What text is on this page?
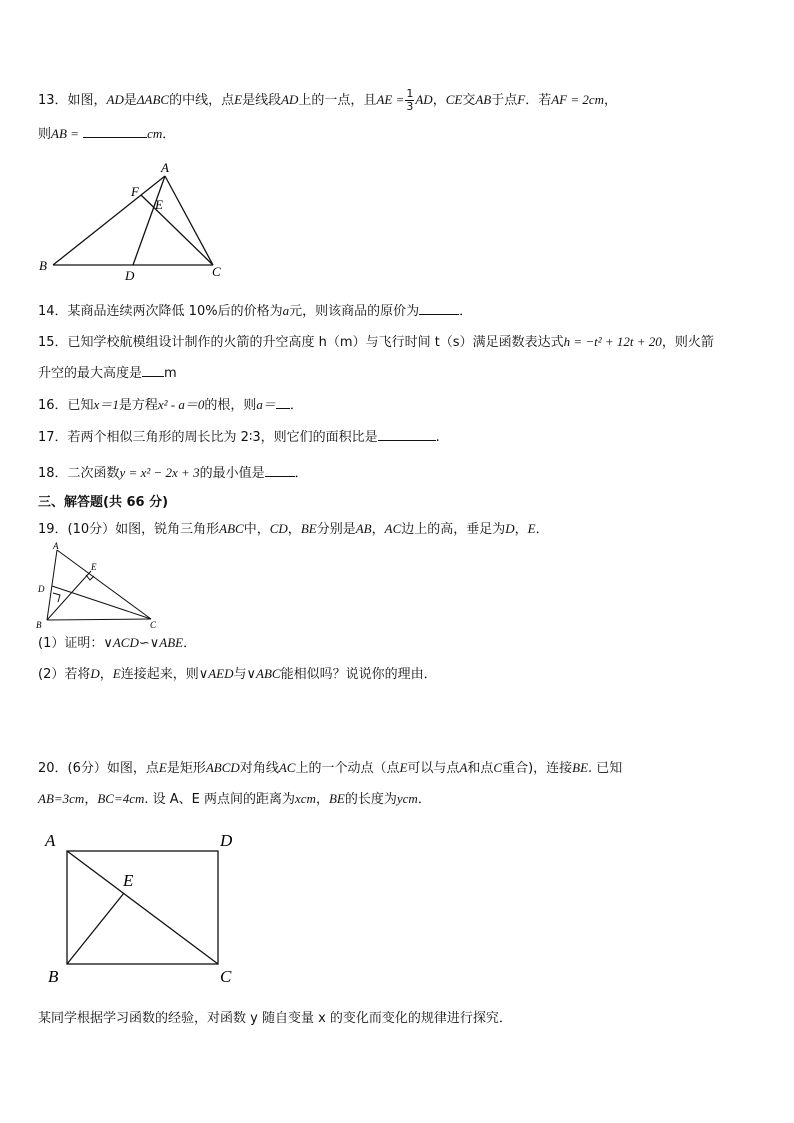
13．如图，AD是ΔABC的中线，点E是线段AD上的一点，且AE = $\frac{1}{3}$ AD，CE交AB于点F．若AF = 2cm，
则AB =	cm．
A
F
E
B
D	C
14．某商品连续两次降低 10%后的价格为a元，则该商品的原价为	．
15．已知学校航模组设计制作的火箭的升空高度 h（m）与飞行时间 t（s）满足函数表达式h = −t² + 12t + 20，则火箭
升空的最大高度是 m
16．已知x＝1是方程x² - a＝0的根，则a＝ ．
17．若两个相似三角形的周长比为 2∶3，则它们的面积比是	.
18．二次函数y = x² − 2x + 3的最小值是 ．
三、解答题(共 66 分)
19．(10分）如图，锐角三角形ABC中，CD，BE分别是AB，AC边上的高，垂足为D，E．
A
E
D
B	C
(1）证明：∨ACD∽∨ABE．
(2）若将D，E连接起来，则∨AED与∨ABC能相似吗？说说你的理由．
20．(6分）如图，点E是矩形ABCD对角线AC上的一个动点（点E可以与点A和点C重合)，连接BE. 已知
AB=3cm，BC=4cm. 设 A、E 两点间的距离为xcm，BE的长度为ycm．
A	D
E
B	C
某同学根据学习函数的经验，对函数 y 随自变量 x 的变化而变化的规律进行探究．
